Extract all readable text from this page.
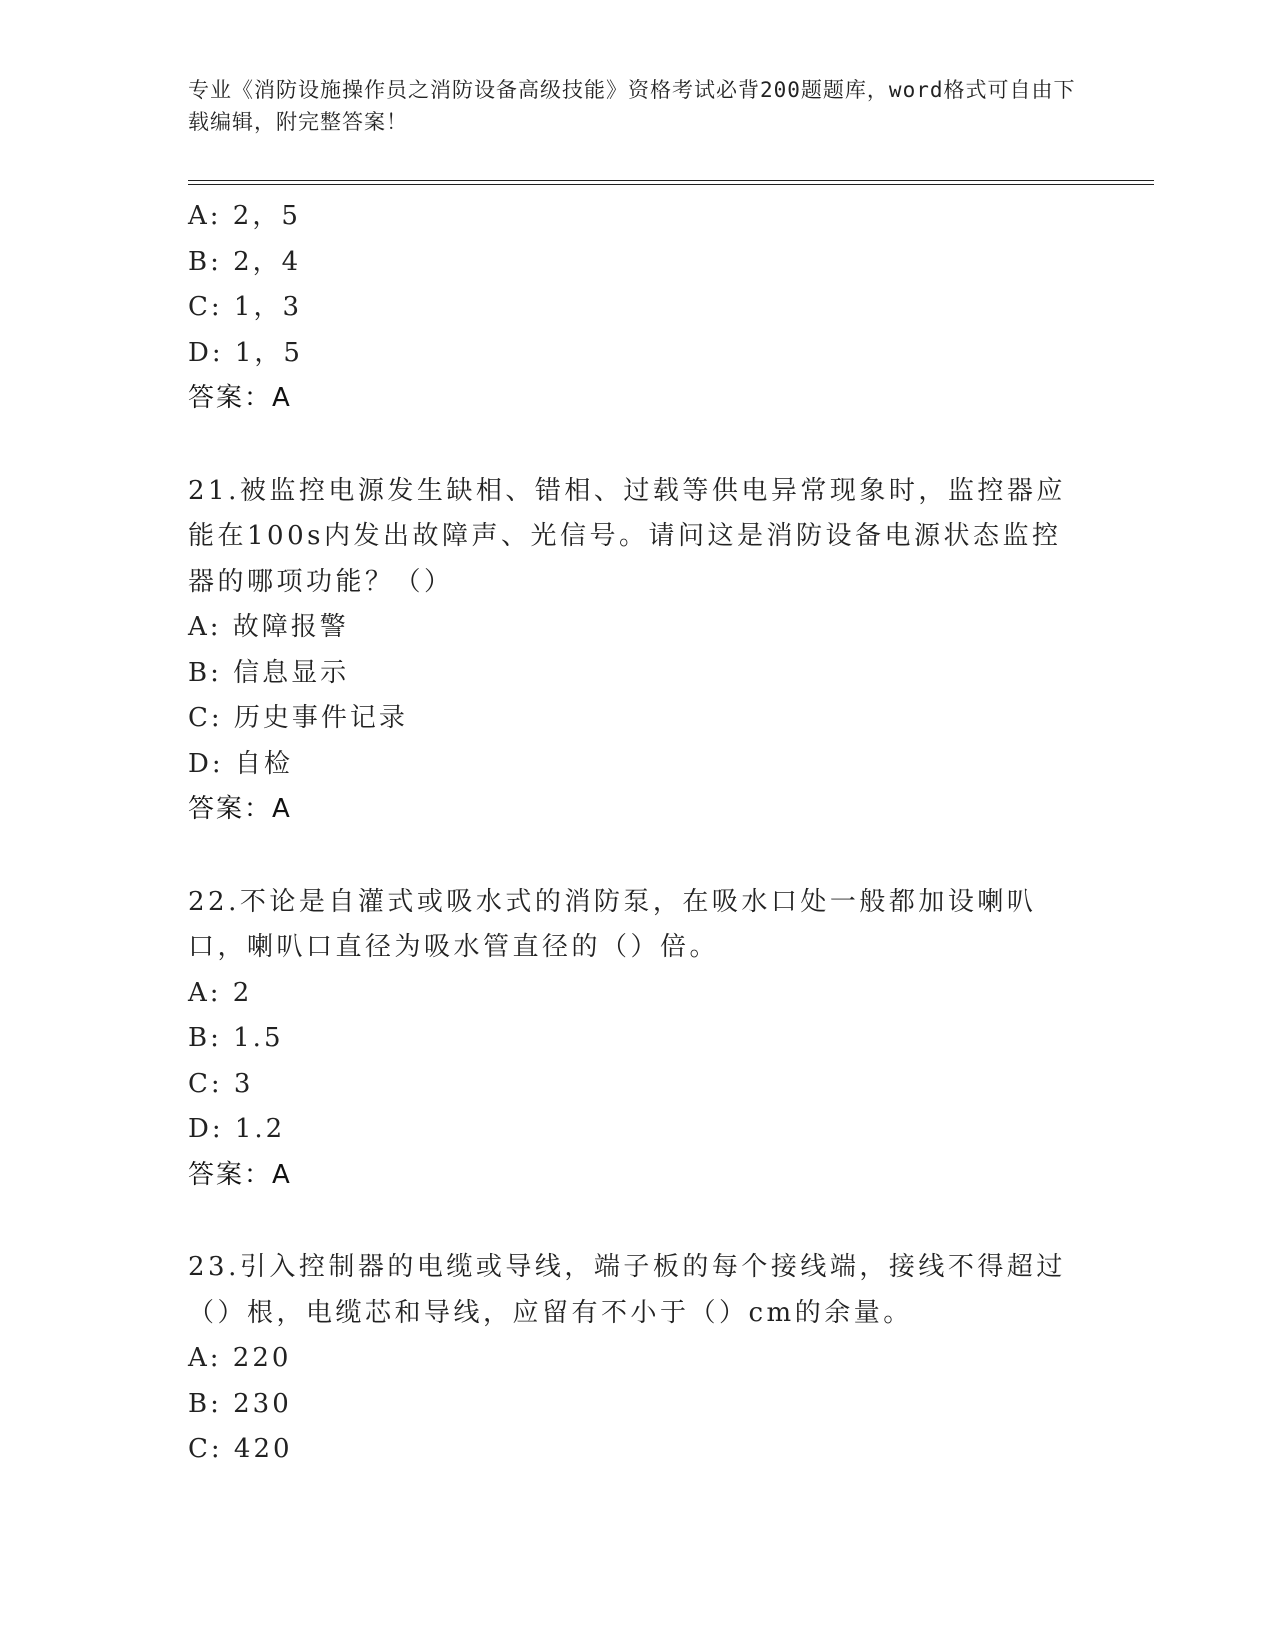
专业《消防设施操作员之消防设备高级技能》资格考试必背200题题库，word格式可自由下载编辑，附完整答案！
A: 2，5
B: 2，4
C: 1，3
D: 1，5
答案：A
21.被监控电源发生缺相、错相、过载等供电异常现象时，监控器应能在100s内发出故障声、光信号。请问这是消防设备电源状态监控器的哪项功能？（）
A: 故障报警
B: 信息显示
C: 历史事件记录
D: 自检
答案：A
22.不论是自灌式或吸水式的消防泵，在吸水口处一般都加设喇叭口，喇叭口直径为吸水管直径的（）倍。
A: 2
B: 1.5
C: 3
D: 1.2
答案：A
23.引入控制器的电缆或导线，端子板的每个接线端，接线不得超过（）根，电缆芯和导线，应留有不小于（）cm的余量。
A: 220
B: 230
C: 420
